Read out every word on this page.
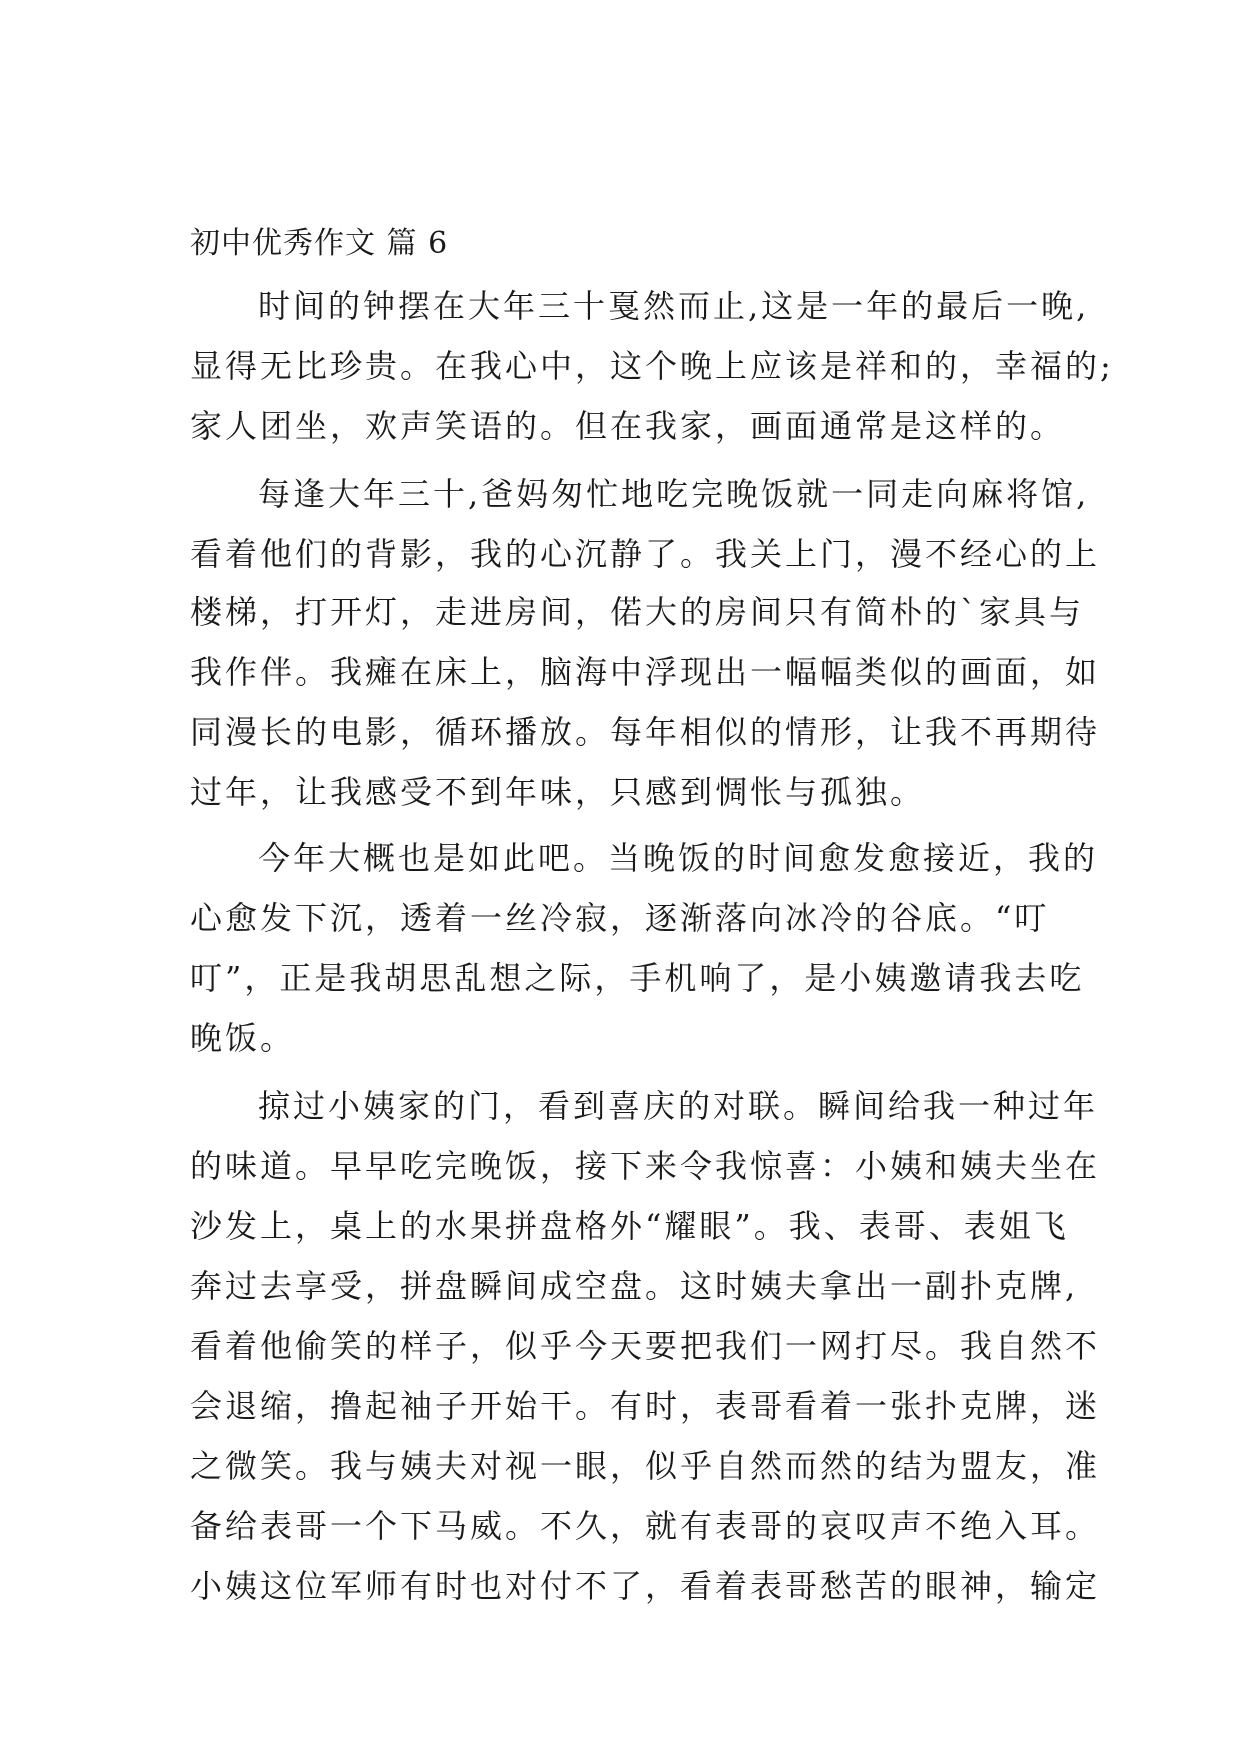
初中优秀作文 篇 6
时间的钟摆在大年三十戛然而止,这是一年的最后一晚,
显得无比珍贵。在我心中，这个晚上应该是祥和的，幸福的;
家人团坐，欢声笑语的。但在我家，画面通常是这样的。
每逢大年三十,爸妈匆忙地吃完晚饭就一同走向麻将馆,
看着他们的背影，我的心沉静了。我关上门，漫不经心的上
楼梯，打开灯，走进房间，偌大的房间只有简朴的`家具与
我作伴。我瘫在床上，脑海中浮现出一幅幅类似的画面，如
同漫长的电影，循环播放。每年相似的情形，让我不再期待
过年，让我感受不到年味，只感到惆怅与孤独。
今年大概也是如此吧。当晚饭的时间愈发愈接近，我的
心愈发下沉，透着一丝冷寂，逐渐落向冰冷的谷底。“叮
叮”，正是我胡思乱想之际，手机响了，是小姨邀请我去吃
晚饭。
掠过小姨家的门，看到喜庆的对联。瞬间给我一种过年
的味道。早早吃完晚饭，接下来令我惊喜：小姨和姨夫坐在
沙发上，桌上的水果拼盘格外“耀眼”。我、表哥、表姐飞
奔过去享受，拼盘瞬间成空盘。这时姨夫拿出一副扑克牌,
看着他偷笑的样子，似乎今天要把我们一网打尽。我自然不
会退缩，撸起袖子开始干。有时，表哥看着一张扑克牌，迷
之微笑。我与姨夫对视一眼，似乎自然而然的结为盟友，准
备给表哥一个下马威。不久，就有表哥的哀叹声不绝入耳。
小姨这位军师有时也对付不了，看着表哥愁苦的眼神，输定
